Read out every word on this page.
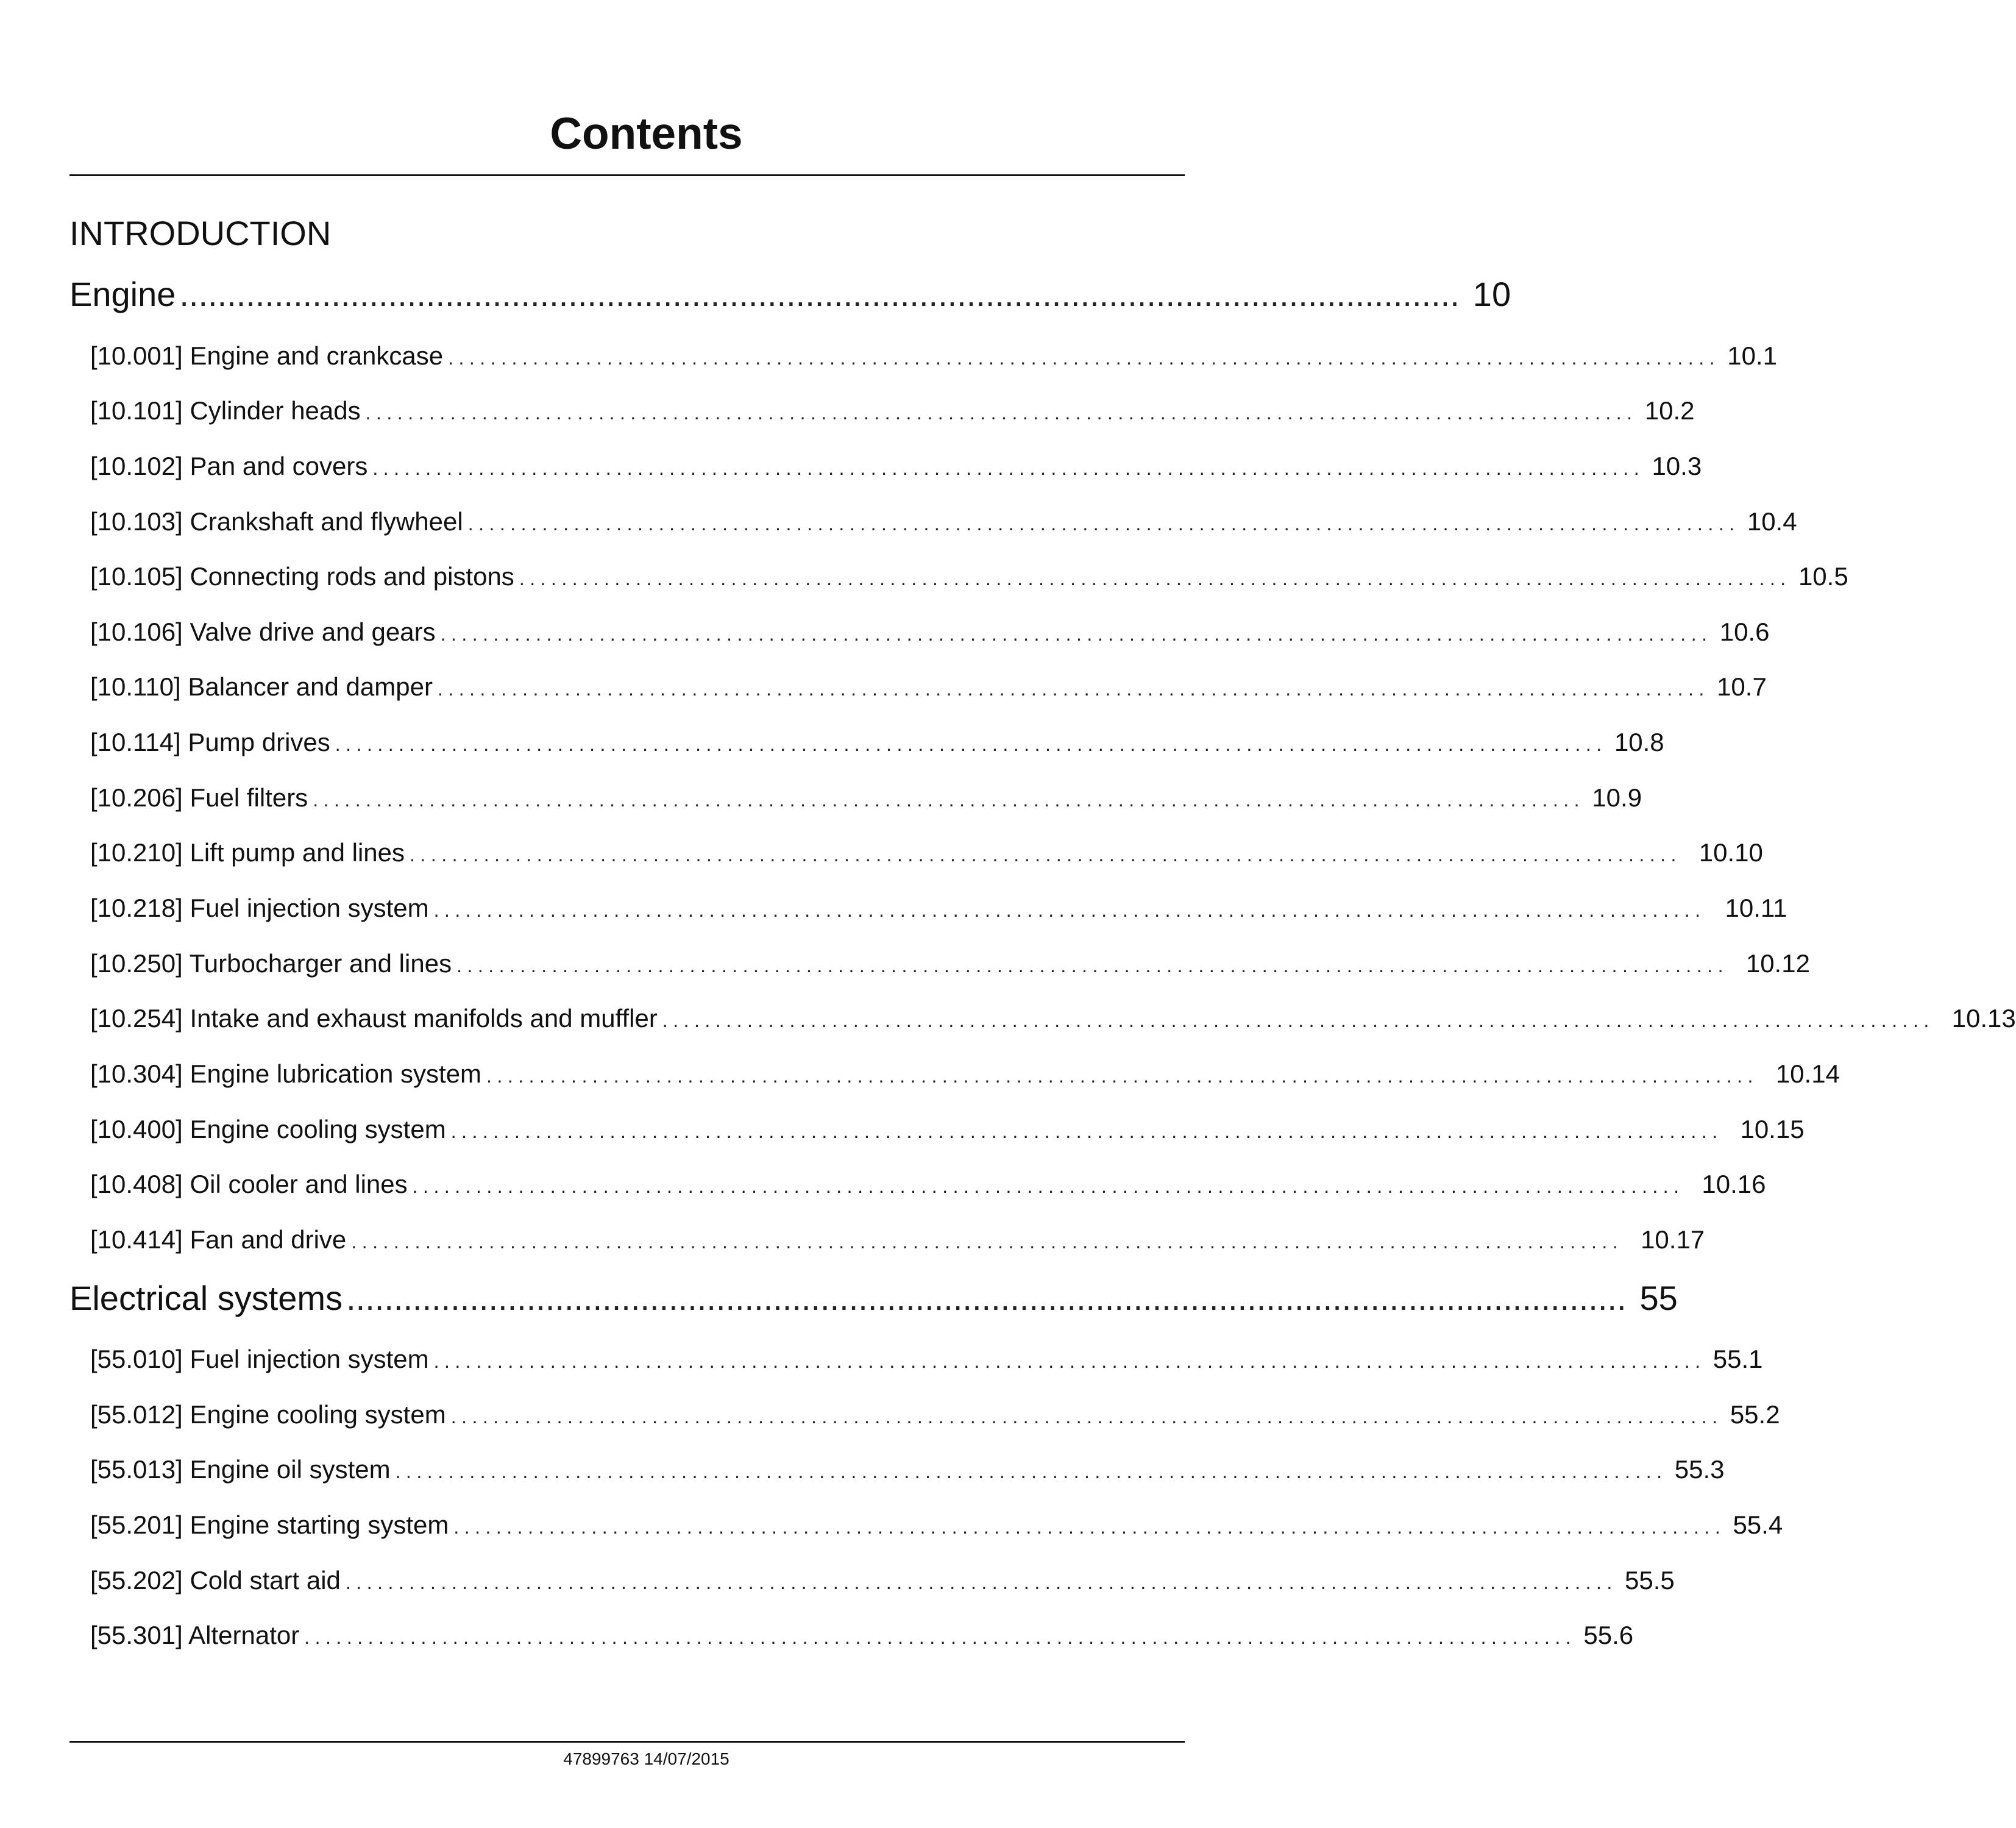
Contents
INTRODUCTION
Engine ....................................................................................................................................... 10
[10.001] Engine and crankcase ........................................................................................................................ 10.1
[10.101] Cylinder heads ........................................................................................................................ 10.2
[10.102] Pan and covers ........................................................................................................................ 10.3
[10.103] Crankshaft and flywheel ........................................................................................................................ 10.4
[10.105] Connecting rods and pistons ........................................................................................................................ 10.5
[10.106] Valve drive and gears ........................................................................................................................ 10.6
[10.110] Balancer and damper ........................................................................................................................ 10.7
[10.114] Pump drives ........................................................................................................................ 10.8
[10.206] Fuel filters ........................................................................................................................ 10.9
[10.210] Lift pump and lines ........................................................................................................................ 10.10
[10.218] Fuel injection system ........................................................................................................................ 10.11
[10.250] Turbocharger and lines ........................................................................................................................ 10.12
[10.254] Intake and exhaust manifolds and muffler ........................................................................................................................ 10.13
[10.304] Engine lubrication system ........................................................................................................................ 10.14
[10.400] Engine cooling system ........................................................................................................................ 10.15
[10.408] Oil cooler and lines ........................................................................................................................ 10.16
[10.414] Fan and drive ........................................................................................................................ 10.17
Electrical systems ....................................................................................................................................... 55
[55.010] Fuel injection system ........................................................................................................................ 55.1
[55.012] Engine cooling system ........................................................................................................................ 55.2
[55.013] Engine oil system ........................................................................................................................ 55.3
[55.201] Engine starting system ........................................................................................................................ 55.4
[55.202] Cold start aid ........................................................................................................................ 55.5
[55.301] Alternator ........................................................................................................................ 55.6
47899763 14/07/2015
